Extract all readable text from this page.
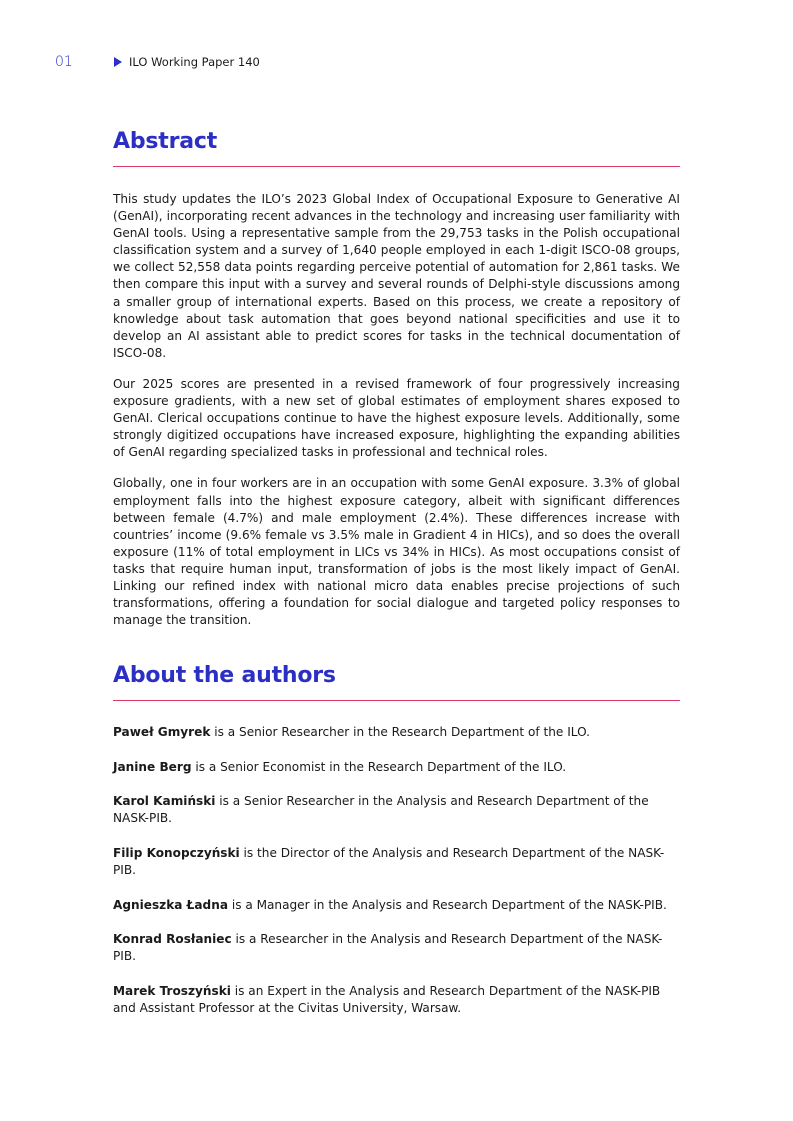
01	ILO Working Paper 140
Abstract

This study updates the ILO’s 2023 Global Index of Occupational Exposure to Generative AI (GenAI), incorporating recent advances in the technology and increasing user familiarity with GenAI tools. Using a representative sample from the 29,753 tasks in the Polish occupational classification system and a survey of 1,640 people employed in each 1-digit ISCO-08 groups, we collect 52,558 data points regarding perceive potential of automation for 2,861 tasks. We then compare this input with a survey and several rounds of Delphi-style discussions among a smaller group of international experts. Based on this process, we create a repository of knowledge about task automation that goes beyond national specificities and use it to develop an AI assistant able to predict scores for tasks in the technical documentation of ISCO-08.

Our 2025 scores are presented in a revised framework of four progressively increasing exposure gradients, with a new set of global estimates of employment shares exposed to GenAI. Clerical occupations continue to have the highest exposure levels. Additionally, some strongly digitized occupations have increased exposure, highlighting the expanding abilities of GenAI regarding specialized tasks in professional and technical roles.

Globally, one in four workers are in an occupation with some GenAI exposure. 3.3% of global employment falls into the highest exposure category, albeit with significant differences between female (4.7%) and male employment (2.4%). These differences increase with countries’ income (9.6% female vs 3.5% male in Gradient 4 in HICs), and so does the overall exposure (11% of total employment in LICs vs 34% in HICs). As most occupations consist of tasks that require human input, transformation of jobs is the most likely impact of GenAI. Linking our refined index with national micro data enables precise projections of such transformations, offering a foundation for social dialogue and targeted policy responses to manage the transition.

About the authors

Paweł Gmyrek is a Senior Researcher in the Research Department of the ILO.

Janine Berg is a Senior Economist in the Research Department of the ILO.

Karol Kamiński is a Senior Researcher in the Analysis and Research Department of the NASK-PIB.

Filip Konopczyński is the Director of the Analysis and Research Department of the NASK-PIB.

Agnieszka Ładna is a Manager in the Analysis and Research Department of the NASK-PIB.

Konrad Rosłaniec is a Researcher in the Analysis and Research Department of the NASK-PIB.

Marek Troszyński is an Expert in the Analysis and Research Department of the NASK-PIB and Assistant Professor at the Civitas University, Warsaw.
